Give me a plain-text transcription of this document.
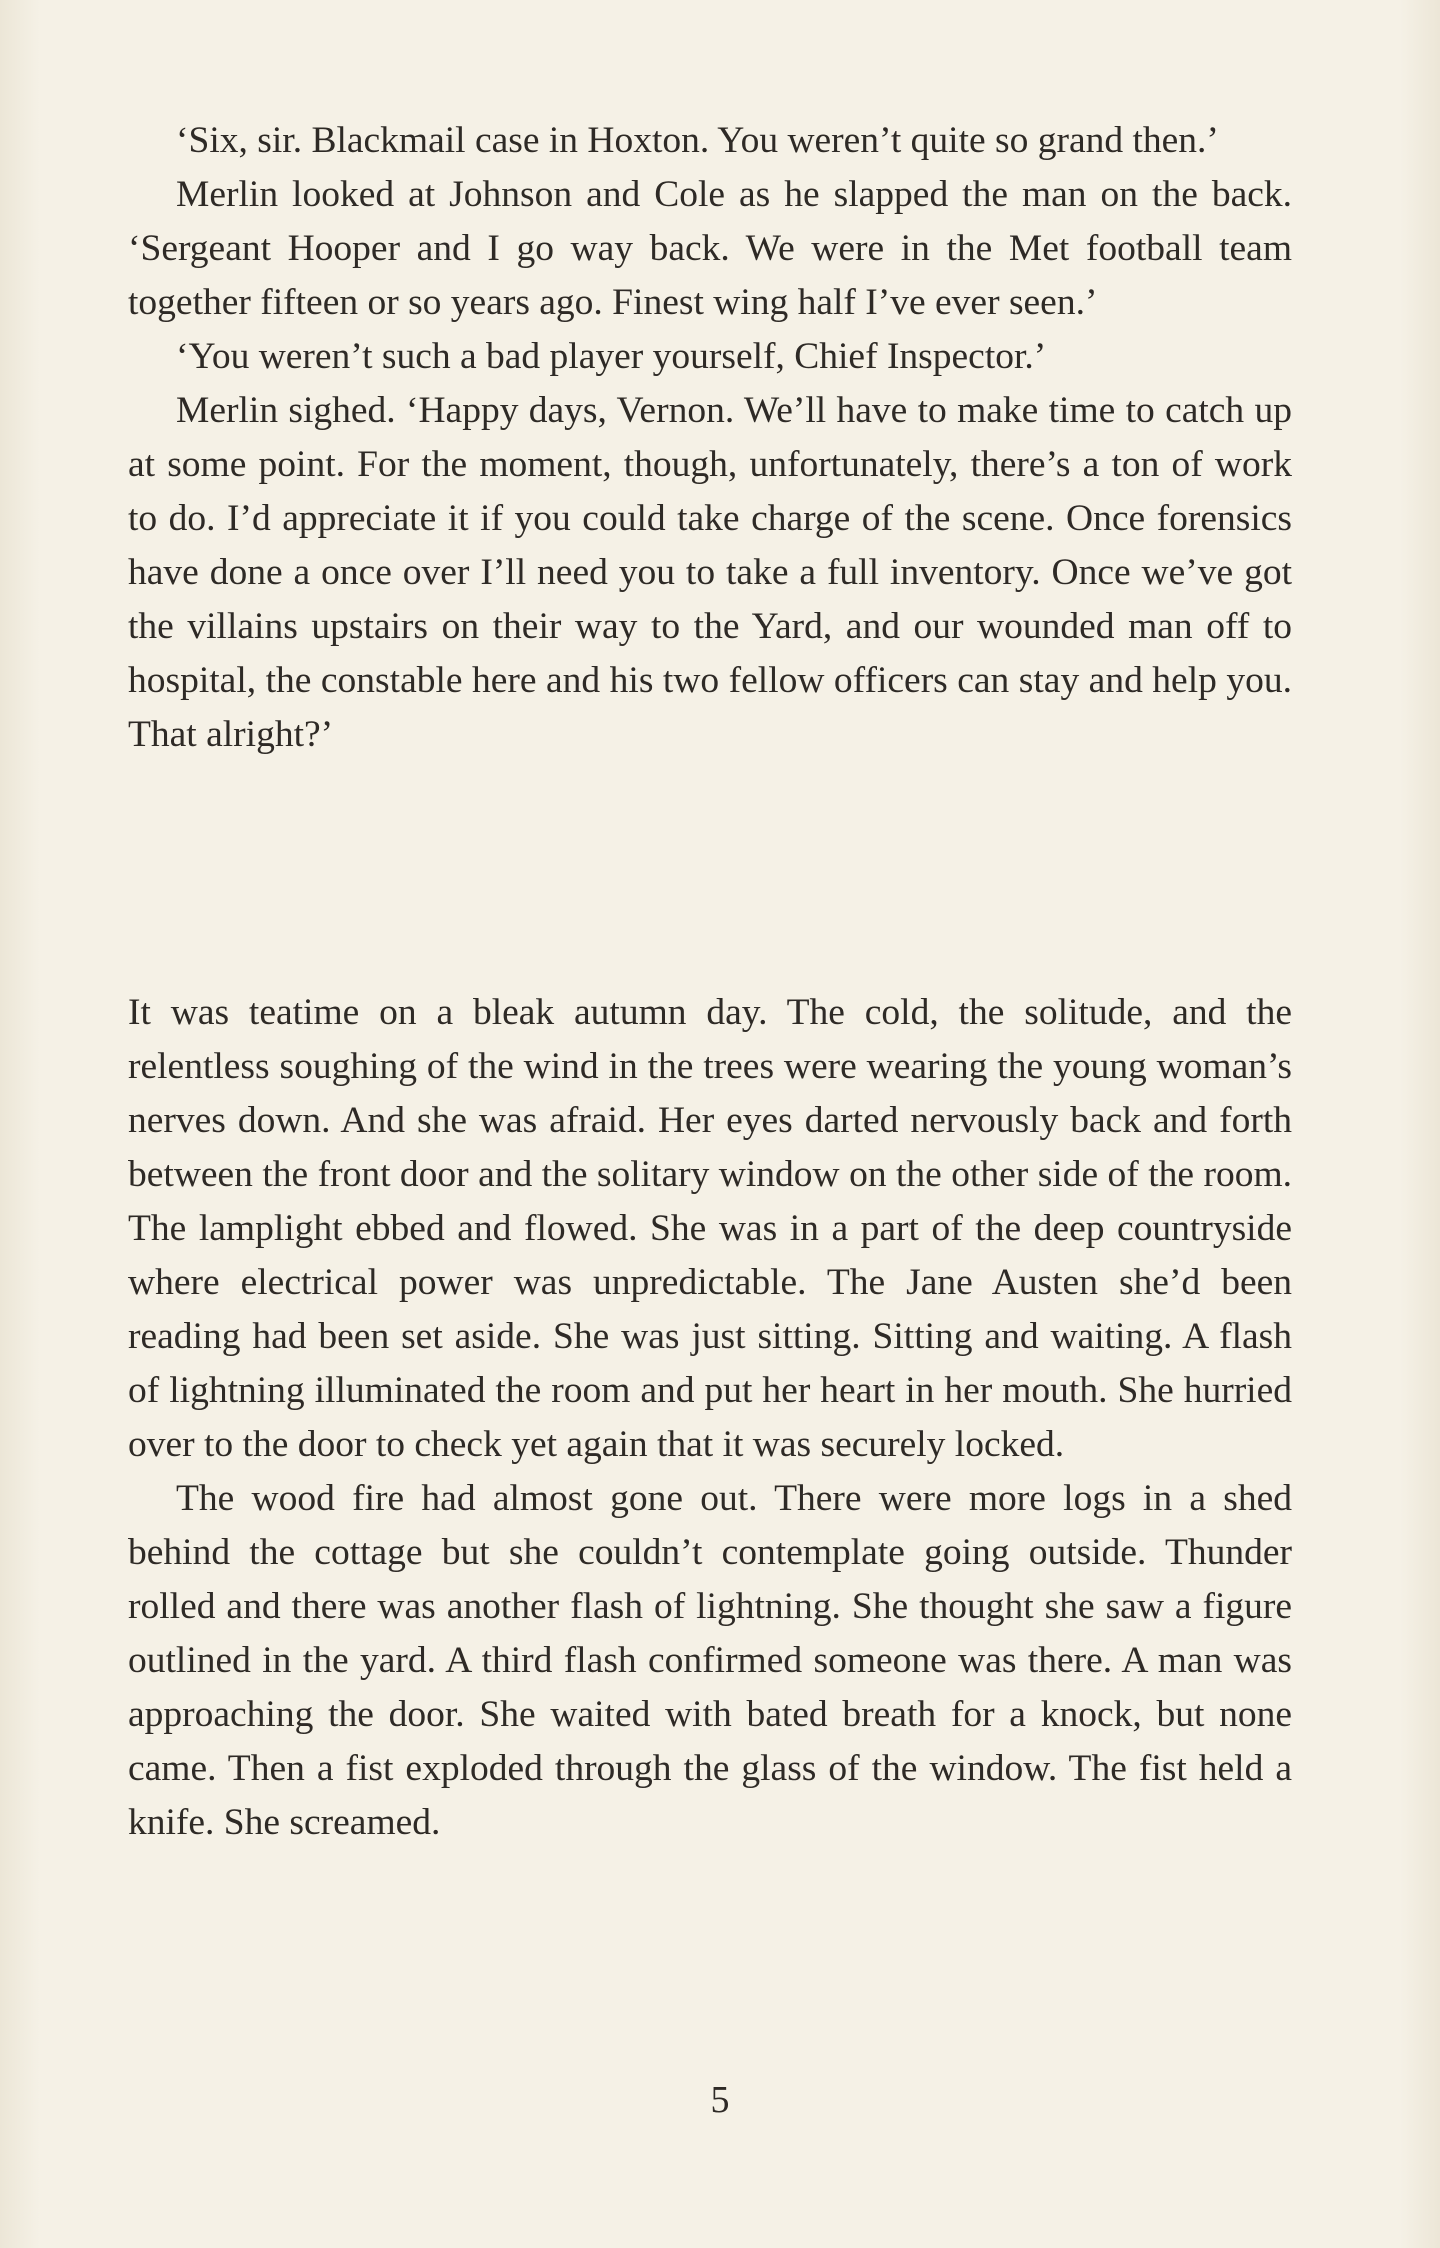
‘Six, sir. Blackmail case in Hoxton. You weren’t quite so grand then.’

Merlin looked at Johnson and Cole as he slapped the man on the back. ‘Sergeant Hooper and I go way back. We were in the Met football team together fifteen or so years ago. Finest wing half I’ve ever seen.’

‘You weren’t such a bad player yourself, Chief Inspector.’

Merlin sighed. ‘Happy days, Vernon. We’ll have to make time to catch up at some point. For the moment, though, unfortunately, there’s a ton of work to do. I’d appreciate it if you could take charge of the scene. Once forensics have done a once over I’ll need you to take a full inventory. Once we’ve got the villains upstairs on their way to the Yard, and our wounded man off to hospital, the constable here and his two fellow officers can stay and help you. That alright?’

It was teatime on a bleak autumn day. The cold, the solitude, and the relentless soughing of the wind in the trees were wearing the young woman’s nerves down. And she was afraid. Her eyes darted nervously back and forth between the front door and the solitary window on the other side of the room. The lamplight ebbed and flowed. She was in a part of the deep countryside where electrical power was unpredictable. The Jane Austen she’d been reading had been set aside. She was just sitting. Sitting and waiting. A flash of lightning illuminated the room and put her heart in her mouth. She hurried over to the door to check yet again that it was securely locked.

The wood fire had almost gone out. There were more logs in a shed behind the cottage but she couldn’t contemplate going outside. Thunder rolled and there was another flash of lightning. She thought she saw a figure outlined in the yard. A third flash confirmed someone was there. A man was approaching the door. She waited with bated breath for a knock, but none came. Then a fist exploded through the glass of the window. The fist held a knife. She screamed.

5
